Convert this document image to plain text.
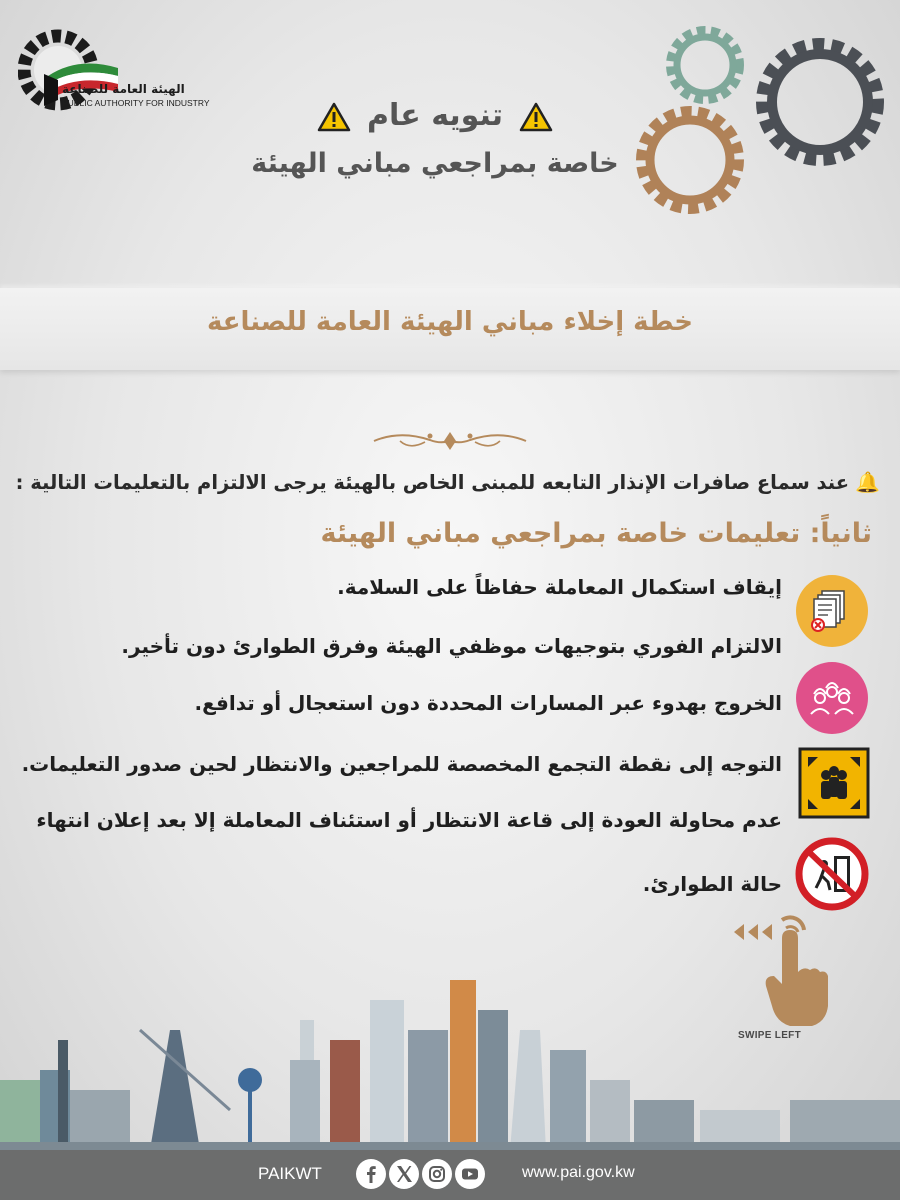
الهيئة العامة للصناعة
PUBLIC AUTHORITY FOR INDUSTRY	تنويه عام
خاصة بمراجعي مباني الهيئة
خطة إخلاء مباني الهيئة العامة للصناعة
🔔عند سماع صافرات الإنذار التابعه للمبنى الخاص بالهيئة يرجى الالتزام بالتعليمات التالية :
ثانياً: تعليمات خاصة بمراجعي مباني الهيئة
إيقاف استكمال المعاملة حفاظاً على السلامة.
الالتزام الفوري بتوجيهات موظفي الهيئة وفرق الطوارئ دون تأخير.
الخروج بهدوء عبر المسارات المحددة دون استعجال أو تدافع.
التوجه إلى نقطة التجمع المخصصة للمراجعين والانتظار لحين صدور التعليمات.
عدم محاولة العودة إلى قاعة الانتظار أو استئناف المعاملة إلا بعد إعلان انتهاء
حالة الطوارئ.
SWIPE LEFT
PAIKWT	www.pai.gov.kw
